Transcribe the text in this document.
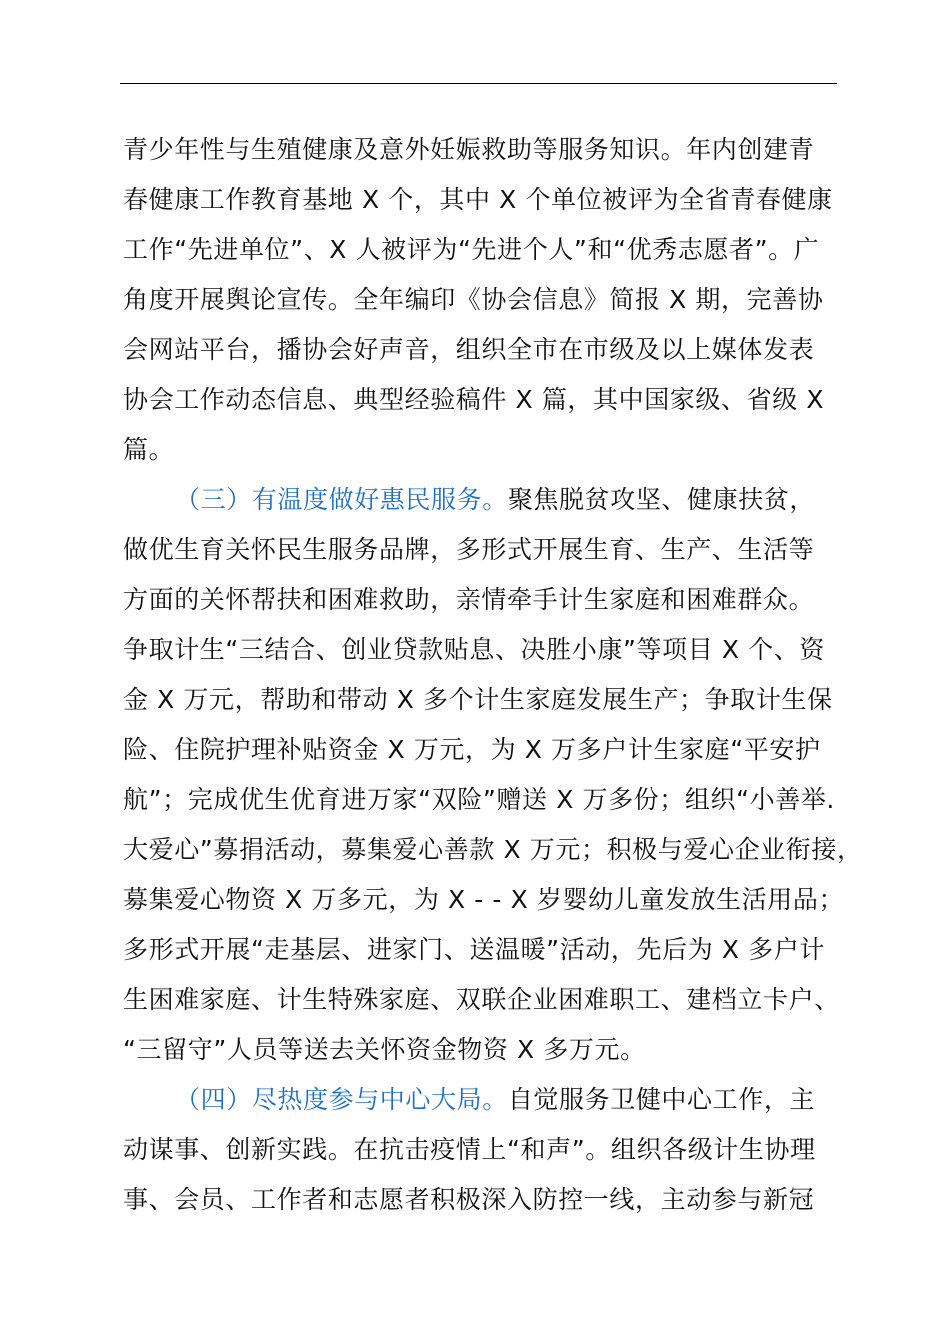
青少年性与生殖健康及意外妊娠救助等服务知识。年内创建青
春健康工作教育基地 X 个，其中 X 个单位被评为全省青春健康
工作“先进单位”、X 人被评为“先进个人”和“优秀志愿者”。广
角度开展舆论宣传。全年编印《协会信息》简报 X 期，完善协
会网站平台，播协会好声音，组织全市在市级及以上媒体发表
协会工作动态信息、典型经验稿件 X 篇，其中国家级、省级 X
篇。
（三）有温度做好惠民服务。聚焦脱贫攻坚、健康扶贫，
做优生育关怀民生服务品牌，多形式开展生育、生产、生活等
方面的关怀帮扶和困难救助，亲情牵手计生家庭和困难群众。
争取计生“三结合、创业贷款贴息、决胜小康”等项目 X 个、资
金 X 万元，帮助和带动 X 多个计生家庭发展生产；争取计生保
险、住院护理补贴资金 X 万元，为 X 万多户计生家庭“平安护
航”；完成优生优育进万家“双险”赠送 X 万多份；组织“小善举.
大爱心”募捐活动，募集爱心善款 X 万元；积极与爱心企业衔接，
募集爱心物资 X 万多元，为 X - - X 岁婴幼儿童发放生活用品；
多形式开展“走基层、进家门、送温暖”活动，先后为 X 多户计
生困难家庭、计生特殊家庭、双联企业困难职工、建档立卡户、
“三留守”人员等送去关怀资金物资 X 多万元。
（四）尽热度参与中心大局。自觉服务卫健中心工作，主
动谋事、创新实践。在抗击疫情上“和声”。组织各级计生协理
事、会员、工作者和志愿者积极深入防控一线，主动参与新冠
